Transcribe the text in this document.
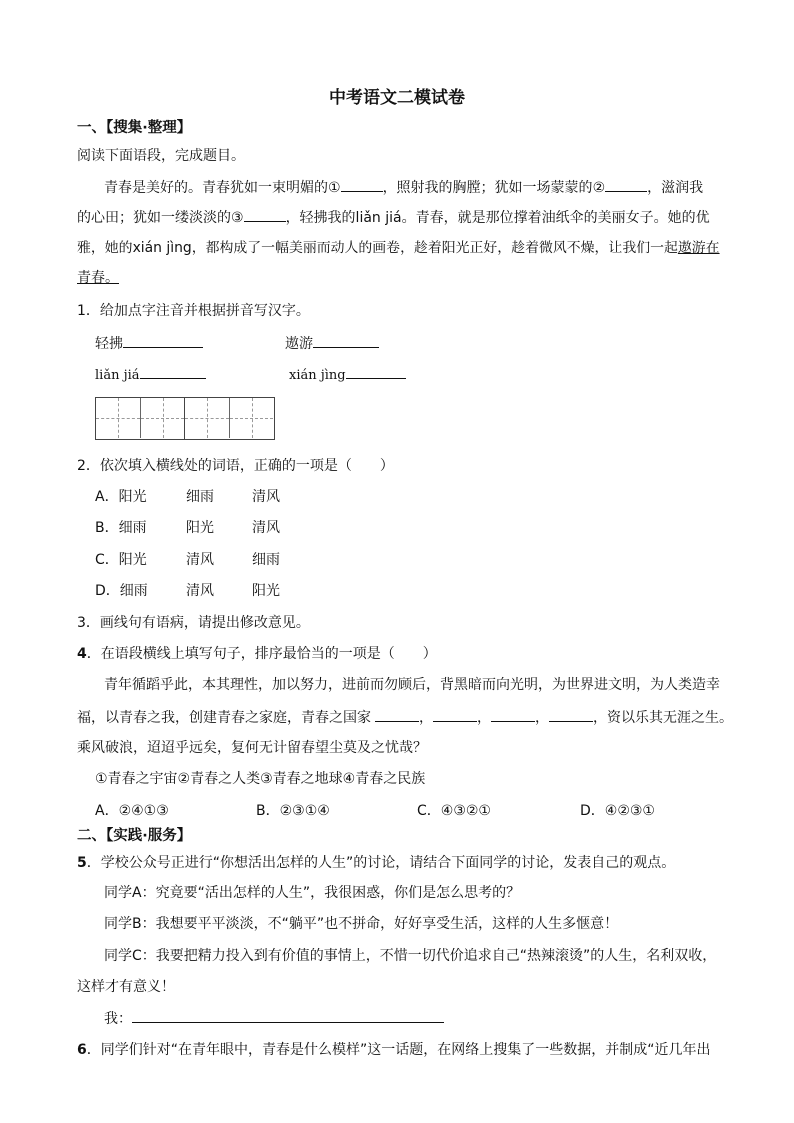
中考语文二模试卷
一、【搜集·整理】
阅读下面语段，完成题目。
青春是美好的。青春犹如一束明媚的①	，照射我的胸膛；犹如一场蒙蒙的②	，滋润我
的心田；犹如一缕淡淡的③	，轻拂我的liǎn jiá。青春，就是那位撑着油纸伞的美丽女子。她的优
雅，她的xián jìng，都构成了一幅美丽而动人的画卷，趁着阳光正好，趁着微风不燥，让我们一起遨游在
青春。
1．给加点字注音并根据拼音写汉字。
轻拂	遨游
liǎn jiá	xián jìng
2．依次填入横线处的词语，正确的一项是（　　）
A．阳光	细雨	清风
B．细雨	阳光	清风
C．阳光	清风	细雨
D．细雨	清风	阳光
3．画线句有语病，请提出修改意见。
4．在语段横线上填写句子，排序最恰当的一项是（　　）
青年循蹈乎此，本其理性，加以努力，进前而勿顾后，背黑暗而向光明，为世界进文明，为人类造幸
福，以青春之我，创建青春之家庭，青春之国家	，	，	，	，资以乐其无涯之生。
乘风破浪，迢迢乎远矣，复何无计留春望尘莫及之忧哉？
①青春之宇宙②青春之人类③青春之地球④青春之民族
A．②④①③	B．②③①④	C．④③②①	D．④②③①
二、【实践·服务】
5．学校公众号正进行“你想活出怎样的人生”的讨论，请结合下面同学的讨论，发表自己的观点。
同学A：究竟要“活出怎样的人生”，我很困惑，你们是怎么思考的？
同学B：我想要平平淡淡，不“躺平”也不拼命，好好享受生活，这样的人生多惬意！
同学C：我要把精力投入到有价值的事情上，不惜一切代价追求自己“热辣滚烫”的人生，名利双收，
这样才有意义！
我：
6．同学们针对“在青年眼中，青春是什么模样”这一话题，在网络上搜集了一些数据，并制成“近几年出
